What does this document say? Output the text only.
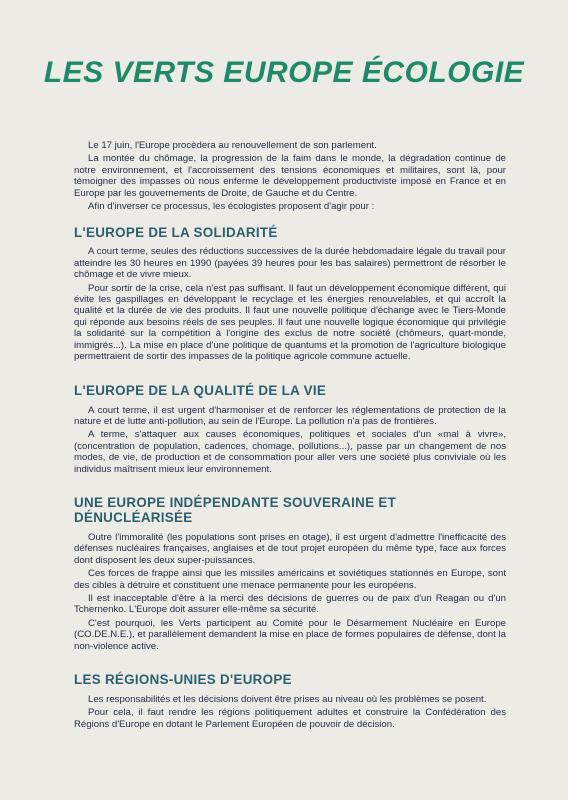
LES VERTS EUROPE ÉCOLOGIE

Le 17 juin, l'Europe procèdera au renouvellement de son parlement.

La montée du chômage, la progression de la faim dans le monde, la dégradation continue de notre environnement, et l'accroissement des tensions économiques et militaires, sont là, pour témoigner des impasses où nous enferme le développement productiviste imposé en France et en Europe par les gouvernements de Droite, de Gauche et du Centre.

Afin d'inverser ce processus, les écologistes proposent d'agir pour :

L'EUROPE DE LA SOLIDARITÉ

A court terme, seules des réductions successives de la durée hebdomadaire légale du travail pour atteindre les 30 heures en 1990 (payées 39 heures pour les bas salaires) permettront de résorber le chômage et de vivre mieux.

Pour sortir de la crise, cela n'est pas suffisant. Il faut un développement économique différent, qui évite les gaspillages en développant le recyclage et les énergies renouvelables, et qui accroît la qualité et la durée de vie des produits. Il faut une nouvelle politique d'échange avec le Tiers-Monde qui réponde aux besoins réels de ses peuples. Il faut une nouvelle logique économique qui privilégie la solidarité sur la compétition à l'origine des exclus de notre société (chômeurs, quart-monde, immigrés...). La mise en place d'une politique de quantums et la promotion de l'agriculture biologique permettraient de sortir des impasses de la politique agricole commune actuelle.

L'EUROPE DE LA QUALITÉ DE LA VIE

A court terme, il est urgent d'harmoniser et de renforcer les réglementations de protection de la nature et de lutte anti-pollution, au sein de l'Europe. La pollution n'a pas de frontières.

A terme, s'attaquer aux causes économiques, politiques et sociales d'un «mal à vivre», (concentration de population, cadences, chomage, pollutions...), passe par un changement de nos modes, de vie, de production et de consommation pour aller vers une société plus conviviale où les individus maîtrisent mieux leur environnement.

UNE EUROPE INDÉPENDANTE SOUVERAINE ET DÉNUCLÉARISÉE

Outre l'immoralité (les populations sont prises en otage), il est urgent d'admettre l'inefficacité des défenses nucléaires françaises, anglaises et de tout projet européen du même type, face aux forces dont disposent les deux super-puissances.

Ces forces de frappe ainsi que les missiles américains et soviétiques stationnés en Europe, sont des cibles à détruire et constituent une menace permanente pour les européens.

Il est inacceptable d'être à la merci des décisions de guerres ou de paix d'un Reagan ou d'un Tchernenko. L'Europe doit assurer elle-même sa sécurité.

C'est pourquoi, les Verts participent au Comité pour le Désarmement Nucléaire en Europe (CO.DE.N.E.), et parallèlement demandent la mise en place de formes populaires de défense, dont la non-violence active.

LES RÉGIONS-UNIES D'EUROPE

Les responsabilités et les décisions doivent être prises au niveau où les problèmes se posent.

Pour cela, il faut rendre les régions politiquement adultes et construire la Confédération des Régions d'Europe en dotant le Parlement Européen de pouvoir de décision.
